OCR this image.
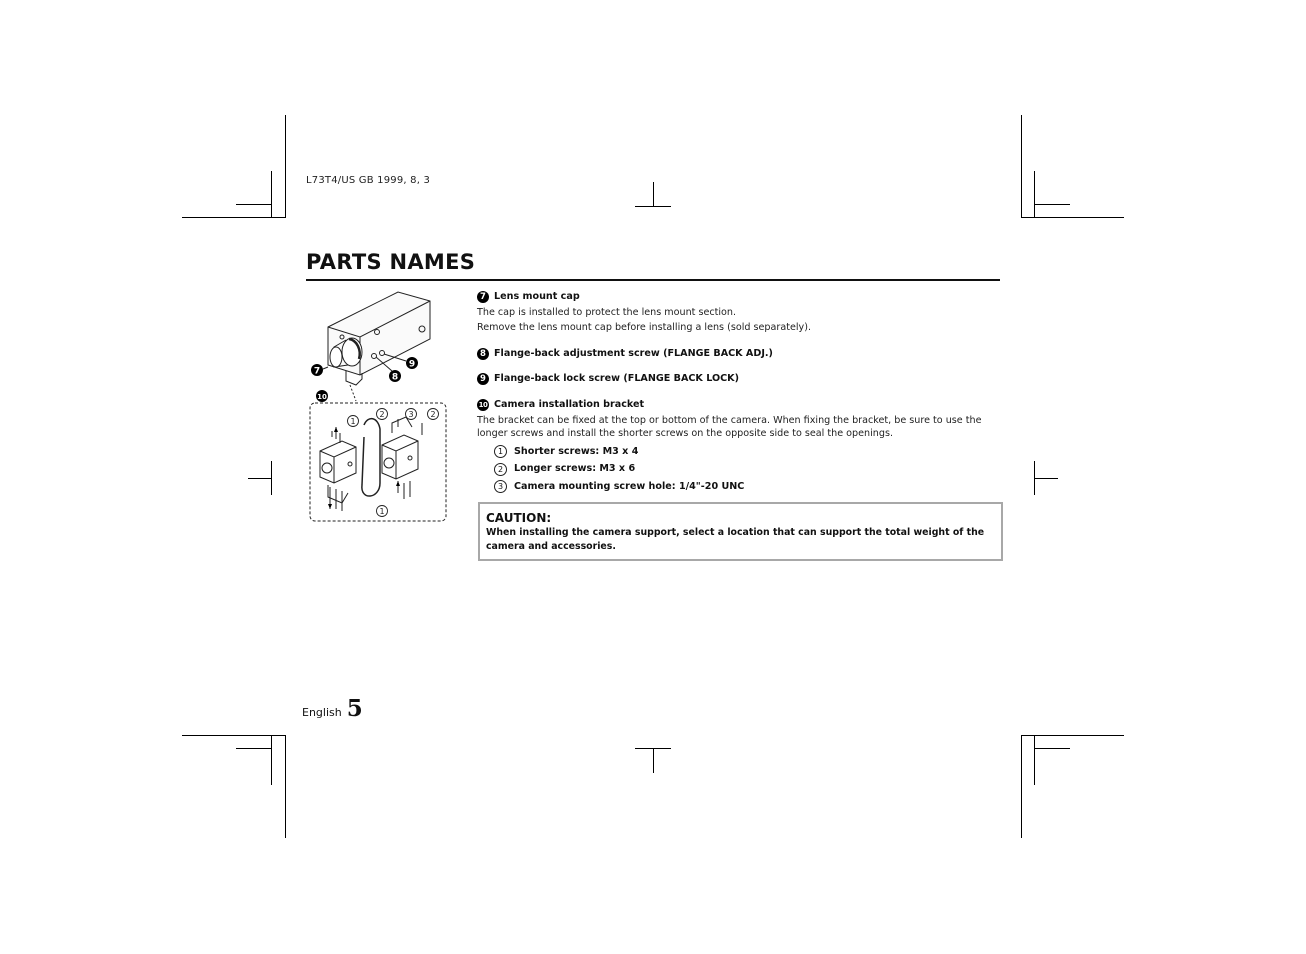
L73T4/US GB 1999, 8, 3
PARTS NAMES
7
8
9
10
1
2	3 2
1
7 Lens mount cap

The cap is installed to protect the lens mount section.

Remove the lens mount cap before installing a lens (sold separately).

8 Flange-back adjustment screw (FLANGE BACK ADJ.)
9 Flange-back lock screw (FLANGE BACK LOCK)
10 Camera installation bracket

The bracket can be fixed at the top or bottom of the camera. When fixing the bracket, be sure to use the longer screws and install the shorter screws on the opposite side to seal the openings.

1	Shorter screws: M3 x 4
2	Longer screws: M3 x 6
3	Camera mounting screw hole: 1/4"-20 UNC

CAUTION:

When installing the camera support, select a location that can support the total weight of the camera and accessories.

English 5
